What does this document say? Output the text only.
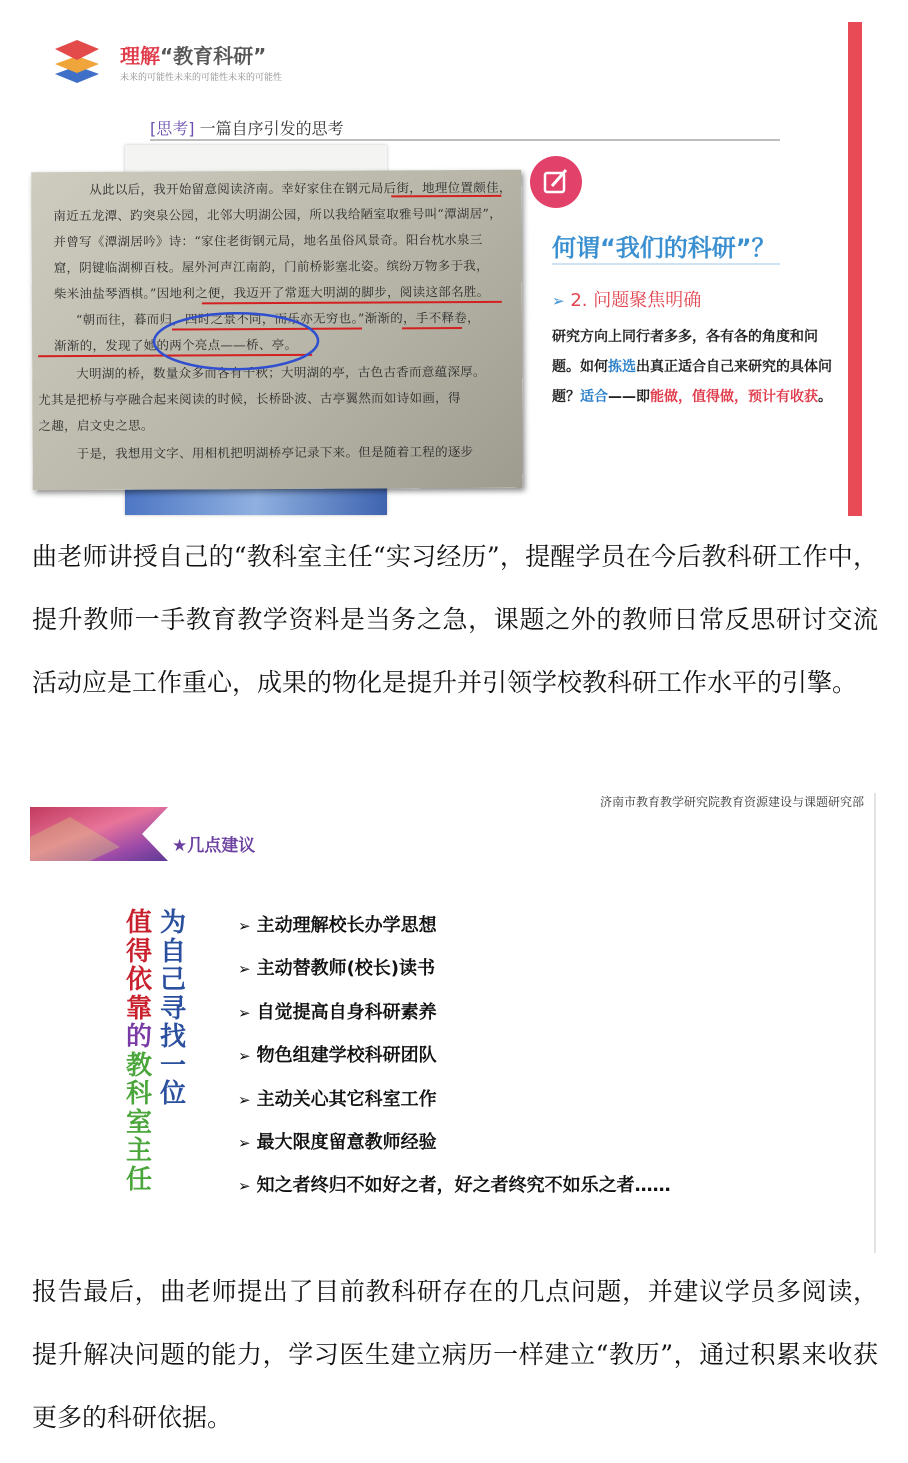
理解“教育科研”
未来的可能性未来的可能性未来的可能性
[思考] 一篇自序引发的思考
从此以后，我开始留意阅读济南。幸好家住在钢元局后街，地理位置颇佳，
南近五龙潭、趵突泉公园，北邻大明湖公园，所以我给陋室取雅号叫“潭湖居”，
并曾写《潭湖居吟》诗：“家住老街钢元局，地名虽俗风景奇。阳台枕水泉三
窟，阴键临湖柳百枝。屋外河声江南韵，门前桥影塞北姿。缤纷万物多于我，
柴米油盐琴酒棋。”因地利之便，我迈开了常逛大明湖的脚步，阅读这部名胜。
“朝而往，暮而归，四时之景不同，而乐亦无穷也。”渐渐的，手不释卷，
渐渐的，发现了她的两个亮点——桥、亭。
大明湖的桥，数量众多而各有千秋；大明湖的亭，古色古香而意蕴深厚。
尤其是把桥与亭融合起来阅读的时候，长桥卧波、古亭翼然而如诗如画，得
之趣，启文史之思。
于是，我想用文字、用相机把明湖桥亭记录下来。但是随着工程的逐步
何谓“我们的科研”？
➢ 2. 问题聚焦明确
研究方向上同行者多多，各有各的角度和问题。如何拣选出真正适合自己来研究的具体问题？适合——即能做，值得做，预计有收获。

曲老师讲授自己的“教科室主任“实习经历”，提醒学员在今后教科研工作中，提升教师一手教育教学资料是当务之急，课题之外的教师日常反思研讨交流活动应是工作重心，成果的物化是提升并引领学校教科研工作水平的引擎。

济南市教育教学研究院教育资源建设与课题研究部
★几点建议
为自己寻找一位
值得依靠的教科室主任
➢ 主动理解校长办学思想
➢ 主动替教师(校长)读书
➢ 自觉提高自身科研素养
➢ 物色组建学校科研团队
➢ 主动关心其它科室工作
➢ 最大限度留意教师经验
➢ 知之者终归不如好之者，好之者终究不如乐之者……

报告最后，曲老师提出了目前教科研存在的几点问题，并建议学员多阅读，提升解决问题的能力，学习医生建立病历一样建立“教历”，通过积累来收获更多的科研依据。
